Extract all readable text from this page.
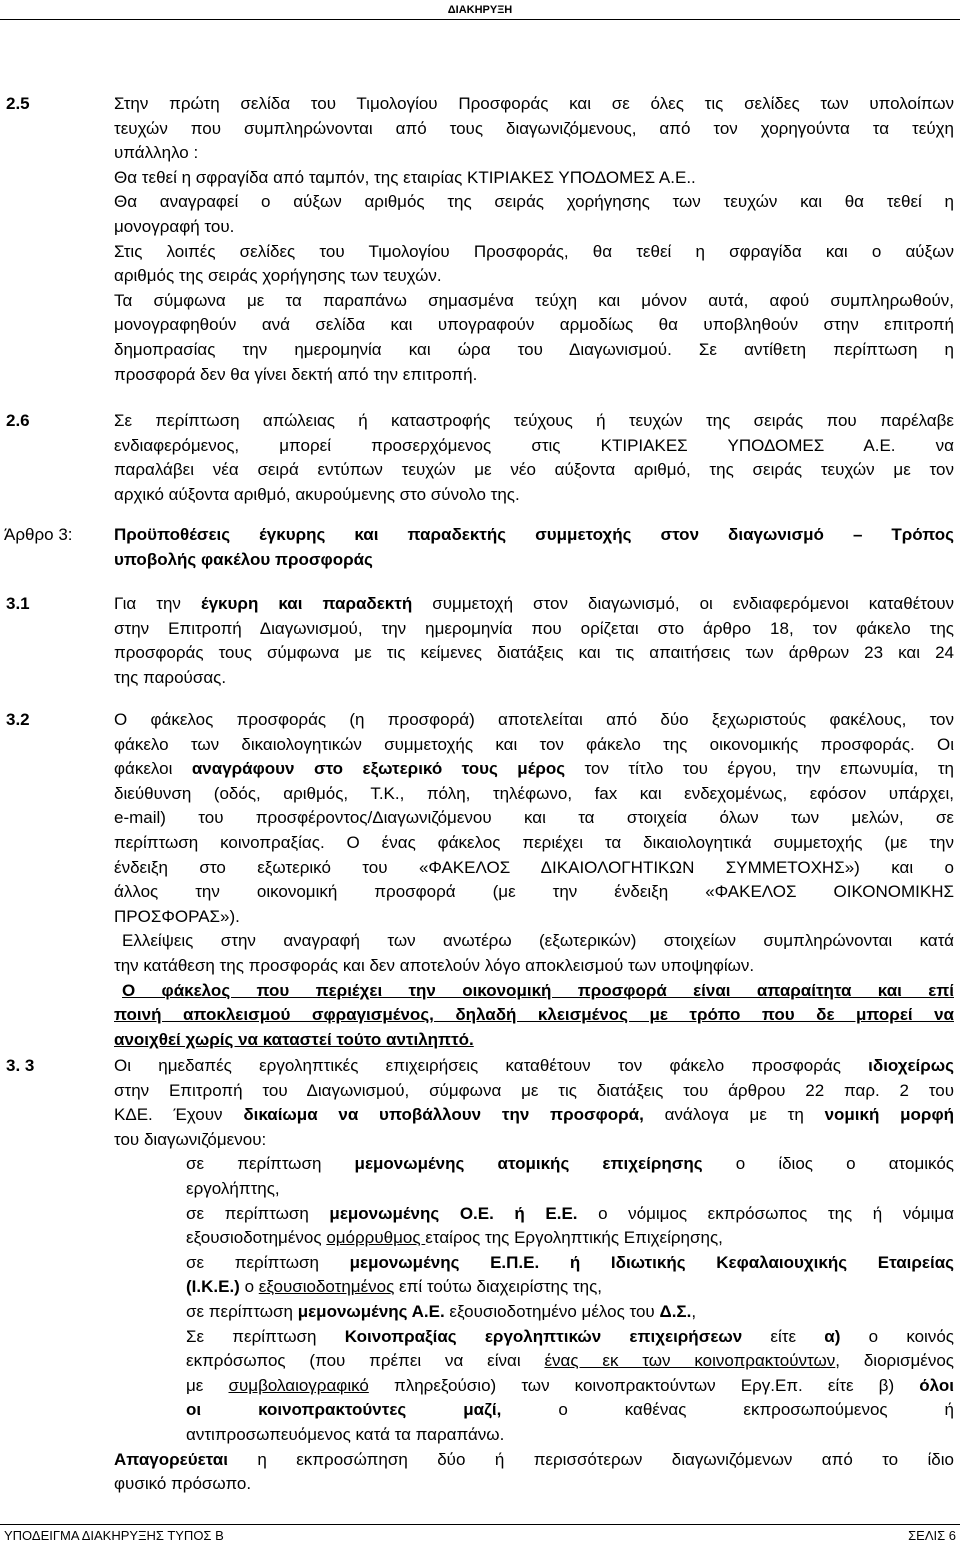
ΔΙΑΚΗΡΥΞΗ
2.5	Στην πρώτη σελίδα του Τιμολογίου Προσφοράς και σε όλες τις σελίδες των υπολοίπων
τευχών που συμπληρώνονται από τους διαγωνιζόμενους, από τον χορηγούντα τα τεύχη
υπάλληλο :
Θα τεθεί η σφραγίδα από ταμπόν, της εταιρίας ΚΤΙΡΙΑΚΕΣ ΥΠΟΔΟΜΕΣ Α.Ε..
Θα αναγραφεί ο αύξων αριθμός της σειράς χορήγησης των τευχών και θα τεθεί η
μονογραφή του.
Στις λοιπές σελίδες του Τιμολογίου Προσφοράς, θα τεθεί η σφραγίδα και ο αύξων
αριθμός της σειράς χορήγησης των τευχών.
Τα σύμφωνα με τα παραπάνω σημασμένα τεύχη και μόνον αυτά, αφού συμπληρωθούν,
μονογραφηθούν ανά σελίδα και υπογραφούν αρμοδίως θα υποβληθούν στην επιτροπή
δημοπρασίας την ημερομηνία και ώρα του Διαγωνισμού. Σε αντίθετη περίπτωση η
προσφορά δεν θα γίνει δεκτή από την επιτροπή.
2.6	Σε περίπτωση απώλειας ή καταστροφής τεύχους ή τευχών της σειράς που παρέλαβε
ενδιαφερόμενος, μπορεί προσερχόμενος στις ΚΤΙΡΙΑΚΕΣ ΥΠΟΔΟΜΕΣ Α.Ε. να
παραλάβει νέα σειρά εντύπων τευχών με νέο αύξοντα αριθμό, της σειράς τευχών με τον
αρχικό αύξοντα αριθμό, ακυρούμενης στο σύνολο της.
Άρθρο 3: Προϋποθέσεις έγκυρης και παραδεκτής συμμετοχής στον διαγωνισμό – Τρόπος
υποβολής φακέλου προσφοράς
3.1	Για την έγκυρη και παραδεκτή συμμετοχή στον διαγωνισμό, οι ενδιαφερόμενοι καταθέτουν
στην Επιτροπή Διαγωνισμού, την ημερομηνία που ορίζεται στο άρθρο 18, τον φάκελο της
προσφοράς τους σύμφωνα με τις κείμενες διατάξεις και τις απαιτήσεις των άρθρων 23 και 24
της παρούσας.
3.2	Ο φάκελος προσφοράς (η προσφορά) αποτελείται από δύο ξεχωριστούς φακέλους, τον
φάκελο των δικαιολογητικών συμμετοχής και τον φάκελο της οικονομικής προσφοράς. Οι
φάκελοι αναγράφουν στο εξωτερικό τους μέρος τον τίτλο του έργου, την επωνυμία, τη
διεύθυνση (οδός, αριθμός, Τ.Κ., πόλη, τηλέφωνο, fax και ενδεχομένως, εφόσον υπάρχει,
e-mail) του προσφέροντος/Διαγωνιζόμενου και τα στοιχεία όλων των μελών, σε
περίπτωση κοινοπραξίας. Ο ένας φάκελος περιέχει τα δικαιολογητικά συμμετοχής (με την
ένδειξη στο εξωτερικό του «ΦΑΚΕΛΟΣ ΔΙΚΑΙΟΛΟΓΗΤΙΚΩΝ ΣΥΜΜΕΤΟΧΗΣ») και ο
άλλος την οικονομική προσφορά (με την ένδειξη «ΦΑΚΕΛΟΣ ΟΙΚΟΝΟΜΙΚΗΣ
ΠΡΟΣΦΟΡΑΣ»).
Ελλείψεις στην αναγραφή των ανωτέρω (εξωτερικών) στοιχείων συμπληρώνονται κατά
την κατάθεση της προσφοράς και δεν αποτελούν λόγο αποκλεισμού των υποψηφίων.
Ο φάκελος που περιέχει την οικονομική προσφορά είναι απαραίτητα και επί
ποινή αποκλεισμού σφραγισμένος, δηλαδή κλεισμένος με τρόπο που δε μπορεί να
ανοιχθεί χωρίς να καταστεί τούτο αντιληπτό.
3. 3	Οι ημεδαπές εργοληπτικές επιχειρήσεις καταθέτουν τον φάκελο προσφοράς ιδιοχείρως
στην Επιτροπή του Διαγωνισμού, σύμφωνα με τις διατάξεις του άρθρου 22 παρ. 2 του
ΚΔΕ. Έχουν δικαίωμα να υποβάλλουν την προσφορά, ανάλογα με τη νομική μορφή
του διαγωνιζόμενου:
σε περίπτωση μεμονωμένης ατομικής επιχείρησης ο ίδιος ο ατομικός
εργολήπτης,
σε περίπτωση μεμονωμένης Ο.Ε. ή Ε.Ε. ο νόμιμος εκπρόσωπος της ή νόμιμα
εξουσιοδοτημένος ομόρρυθμος εταίρος της Εργοληπτικής Επιχείρησης,
σε περίπτωση μεμονωμένης Ε.Π.Ε. ή Ιδιωτικής Κεφαλαιουχικής Εταιρείας
(Ι.Κ.Ε.) ο εξουσιοδοτημένος επί τούτω διαχειρίστης της,
σε περίπτωση μεμονωμένης Α.Ε. εξουσιοδοτημένο μέλος του Δ.Σ.,
Σε περίπτωση Κοινοπραξίας εργοληπτικών επιχειρήσεων είτε α) ο κοινός
εκπρόσωπος (που πρέπει να είναι ένας εκ των κοινοπρακτούντων, διορισμένος
με συμβολαιογραφικό πληρεξούσιο) των κοινοπρακτούντων Εργ.Επ. είτε β) όλοι
οι κοινοπρακτούντες μαζί, ο καθένας εκπροσωπούμενος ή
αντιπροσωπευόμενος κατά τα παραπάνω.
Απαγορεύεται η εκπροσώπηση δύο ή περισσότερων διαγωνιζόμενων από το ίδιο
φυσικό πρόσωπο.
ΥΠΟΔΕΙΓΜΑ ΔΙΑΚΗΡΥΞΗΣ ΤΥΠΟΣ Β	ΣΕΛΙΣ 6
